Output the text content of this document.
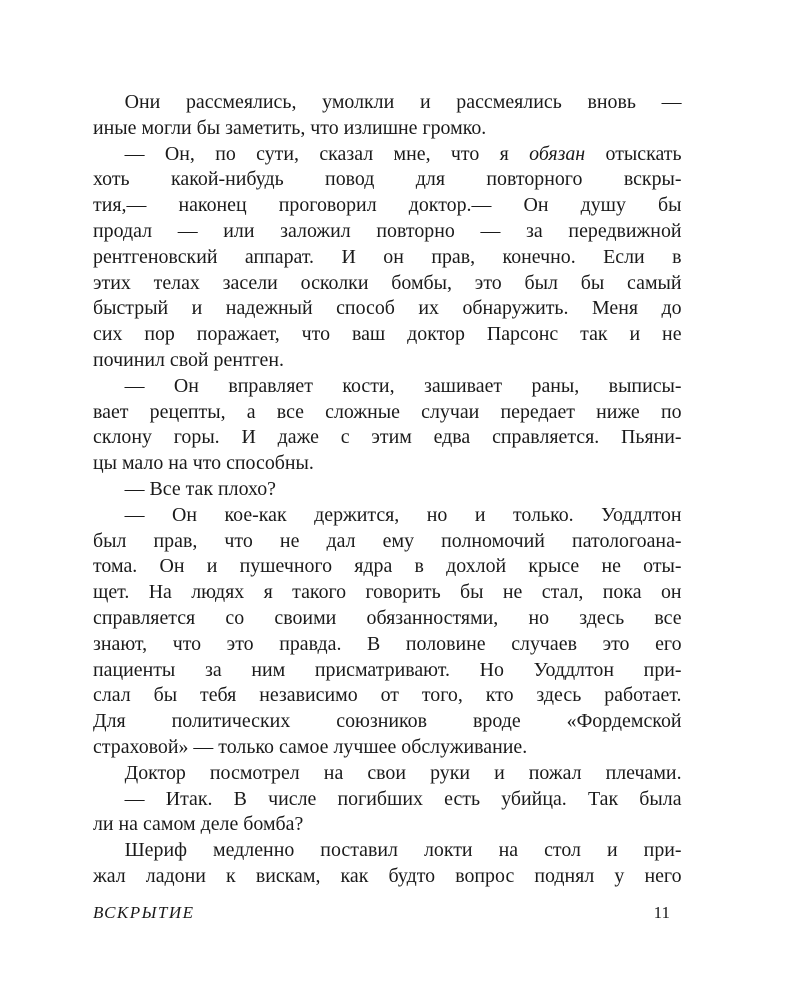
Они рассмеялись, умолкли и рассмеялись вновь —
иные могли бы заметить, что излишне громко.
— Он, по сути, сказал мне, что я обязан отыскать
хоть какой-нибудь повод для повторного вскры-
тия,— наконец проговорил доктор.— Он душу бы
продал — или заложил повторно — за передвижной
рентгеновский аппарат. И он прав, конечно. Если в
этих телах засели осколки бомбы, это был бы самый
быстрый и надежный способ их обнаружить. Меня до
сих пор поражает, что ваш доктор Парсонс так и не
починил свой рентген.
— Он вправляет кости, зашивает раны, выписы-
вает рецепты, а все сложные случаи передает ниже по
склону горы. И даже с этим едва справляется. Пьяни-
цы мало на что способны.
— Все так плохо?
— Он кое-как держится, но и только. Уоддлтон
был прав, что не дал ему полномочий патологоана-
тома. Он и пушечного ядра в дохлой крысе не оты-
щет. На людях я такого говорить бы не стал, пока он
справляется со своими обязанностями, но здесь все
знают, что это правда. В половине случаев это его
пациенты за ним присматривают. Но Уоддлтон при-
слал бы тебя независимо от того, кто здесь работает.
Для политических союзников вроде «Фордемской
страховой» — только самое лучшее обслуживание.
Доктор посмотрел на свои руки и пожал плечами.
— Итак. В числе погибших есть убийца. Так была
ли на самом деле бомба?
Шериф медленно поставил локти на стол и при-
жал ладони к вискам, как будто вопрос поднял у него
ВСКРЫТИЕ	11
